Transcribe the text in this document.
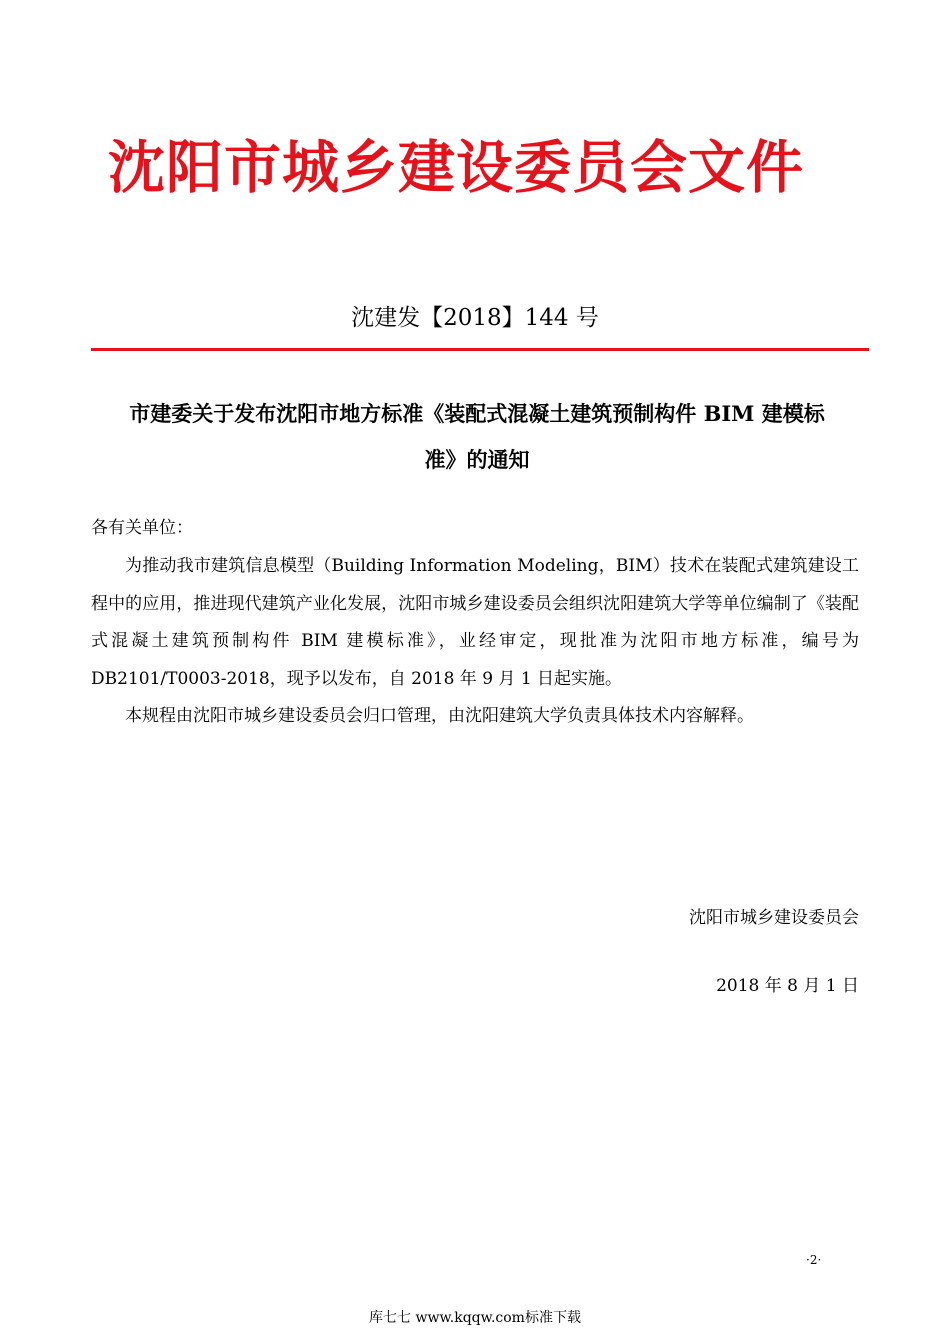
沈阳市城乡建设委员会文件
沈建发【2018】144 号
市建委关于发布沈阳市地方标准《装配式混凝土建筑预制构件 BIM 建模标
准》的通知
各有关单位：
为推动我市建筑信息模型（Building Information Modeling，BIM）技术在装配式建筑建设工程中的应用，推进现代建筑产业化发展，沈阳市城乡建设委员会组织沈阳建筑大学等单位编制了《装配式混凝土建筑预制构件 BIM 建模标准》，业经审定，现批准为沈阳市地方标准，编号为 DB2101/T0003-2018，现予以发布，自 2018 年 9 月 1 日起实施。
本规程由沈阳市城乡建设委员会归口管理，由沈阳建筑大学负责具体技术内容解释。
沈阳市城乡建设委员会
2018 年 8 月 1 日
·2·
库七七 www.kqqw.com标准下载
